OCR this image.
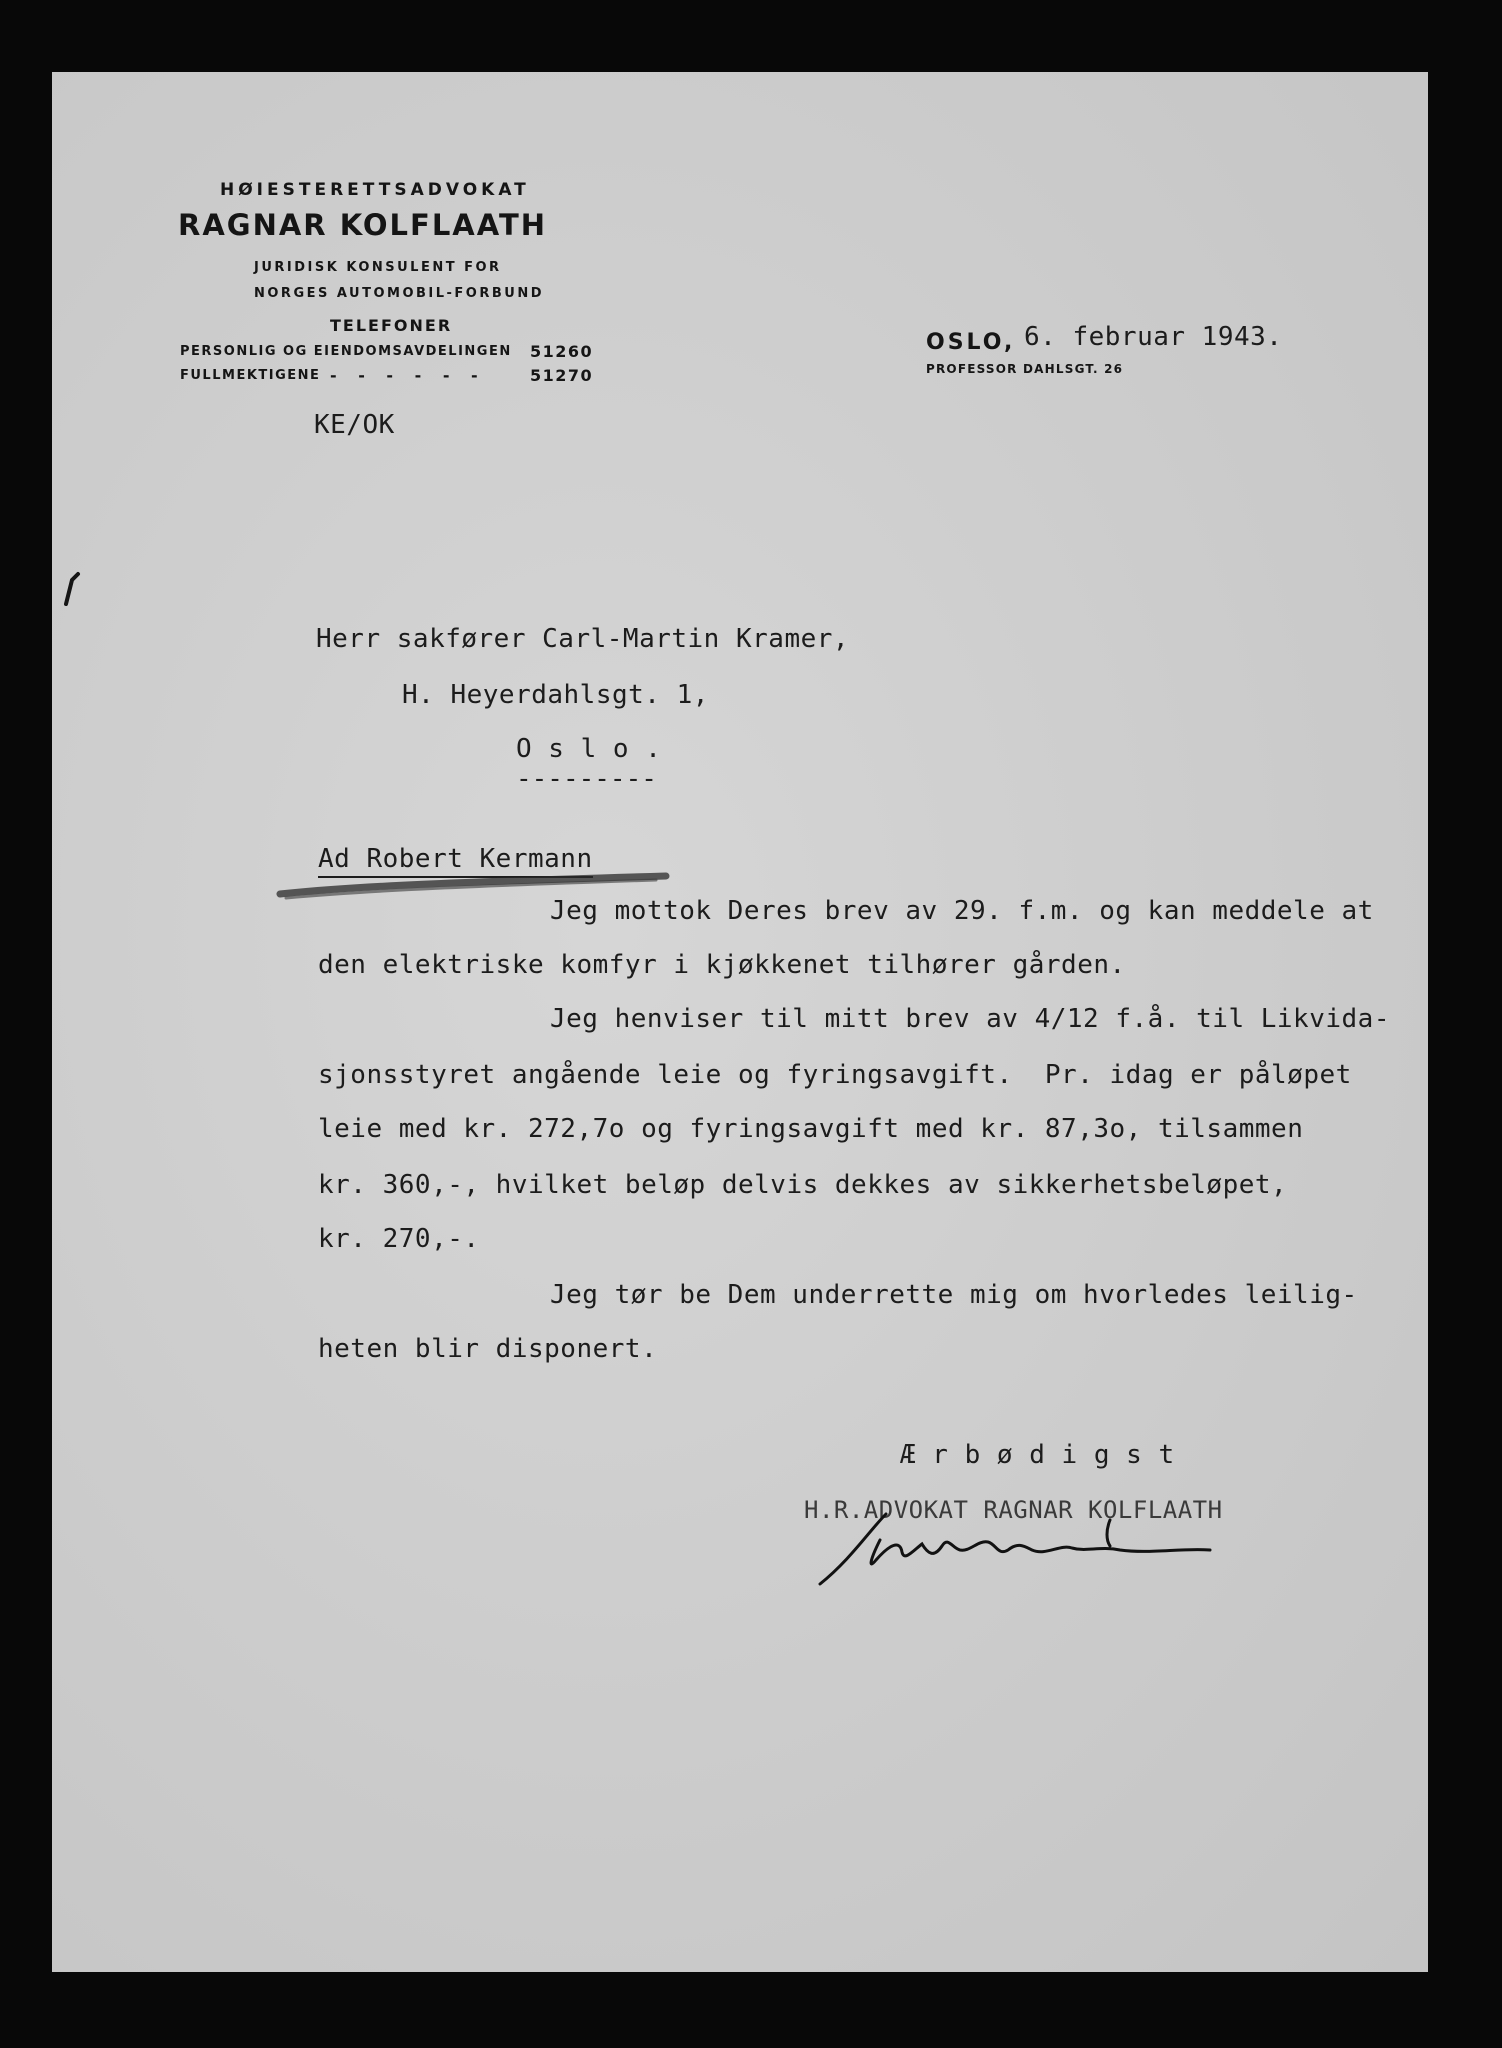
HØIESTERETTSADVOKAT
RAGNAR KOLFLAATH
JURIDISK KONSULENT FOR
NORGES AUTOMOBIL-FORBUND
TELEFONER
PERSONLIG OG EIENDOMSAVDELINGEN 51260
FULLMEKTIGENE - - - - - -	51270
OSLO, 6. februar 1943.
PROFESSOR DAHLSGT. 26
KE/OK
Herr sakfører Carl-Martin Kramer,
H. Heyerdahlsgt. 1,
O s l o .
---------
Ad Robert Kermann
Jeg mottok Deres brev av 29. f.m. og kan meddele at
den elektriske komfyr i kjøkkenet tilhører gården.
Jeg henviser til mitt brev av 4/12 f.å. til Likvida-
sjonsstyret angående leie og fyringsavgift.  Pr. idag er påløpet
leie med kr. 272,7o og fyringsavgift med kr. 87,3o, tilsammen
kr. 360,-, hvilket beløp delvis dekkes av sikkerhetsbeløpet,
kr. 270,-.
Jeg tør be Dem underrette mig om hvorledes leilig-
heten blir disponert.
Æ r b ø d i g s t
H.R.ADVOKAT RAGNAR KOLFLAATH
